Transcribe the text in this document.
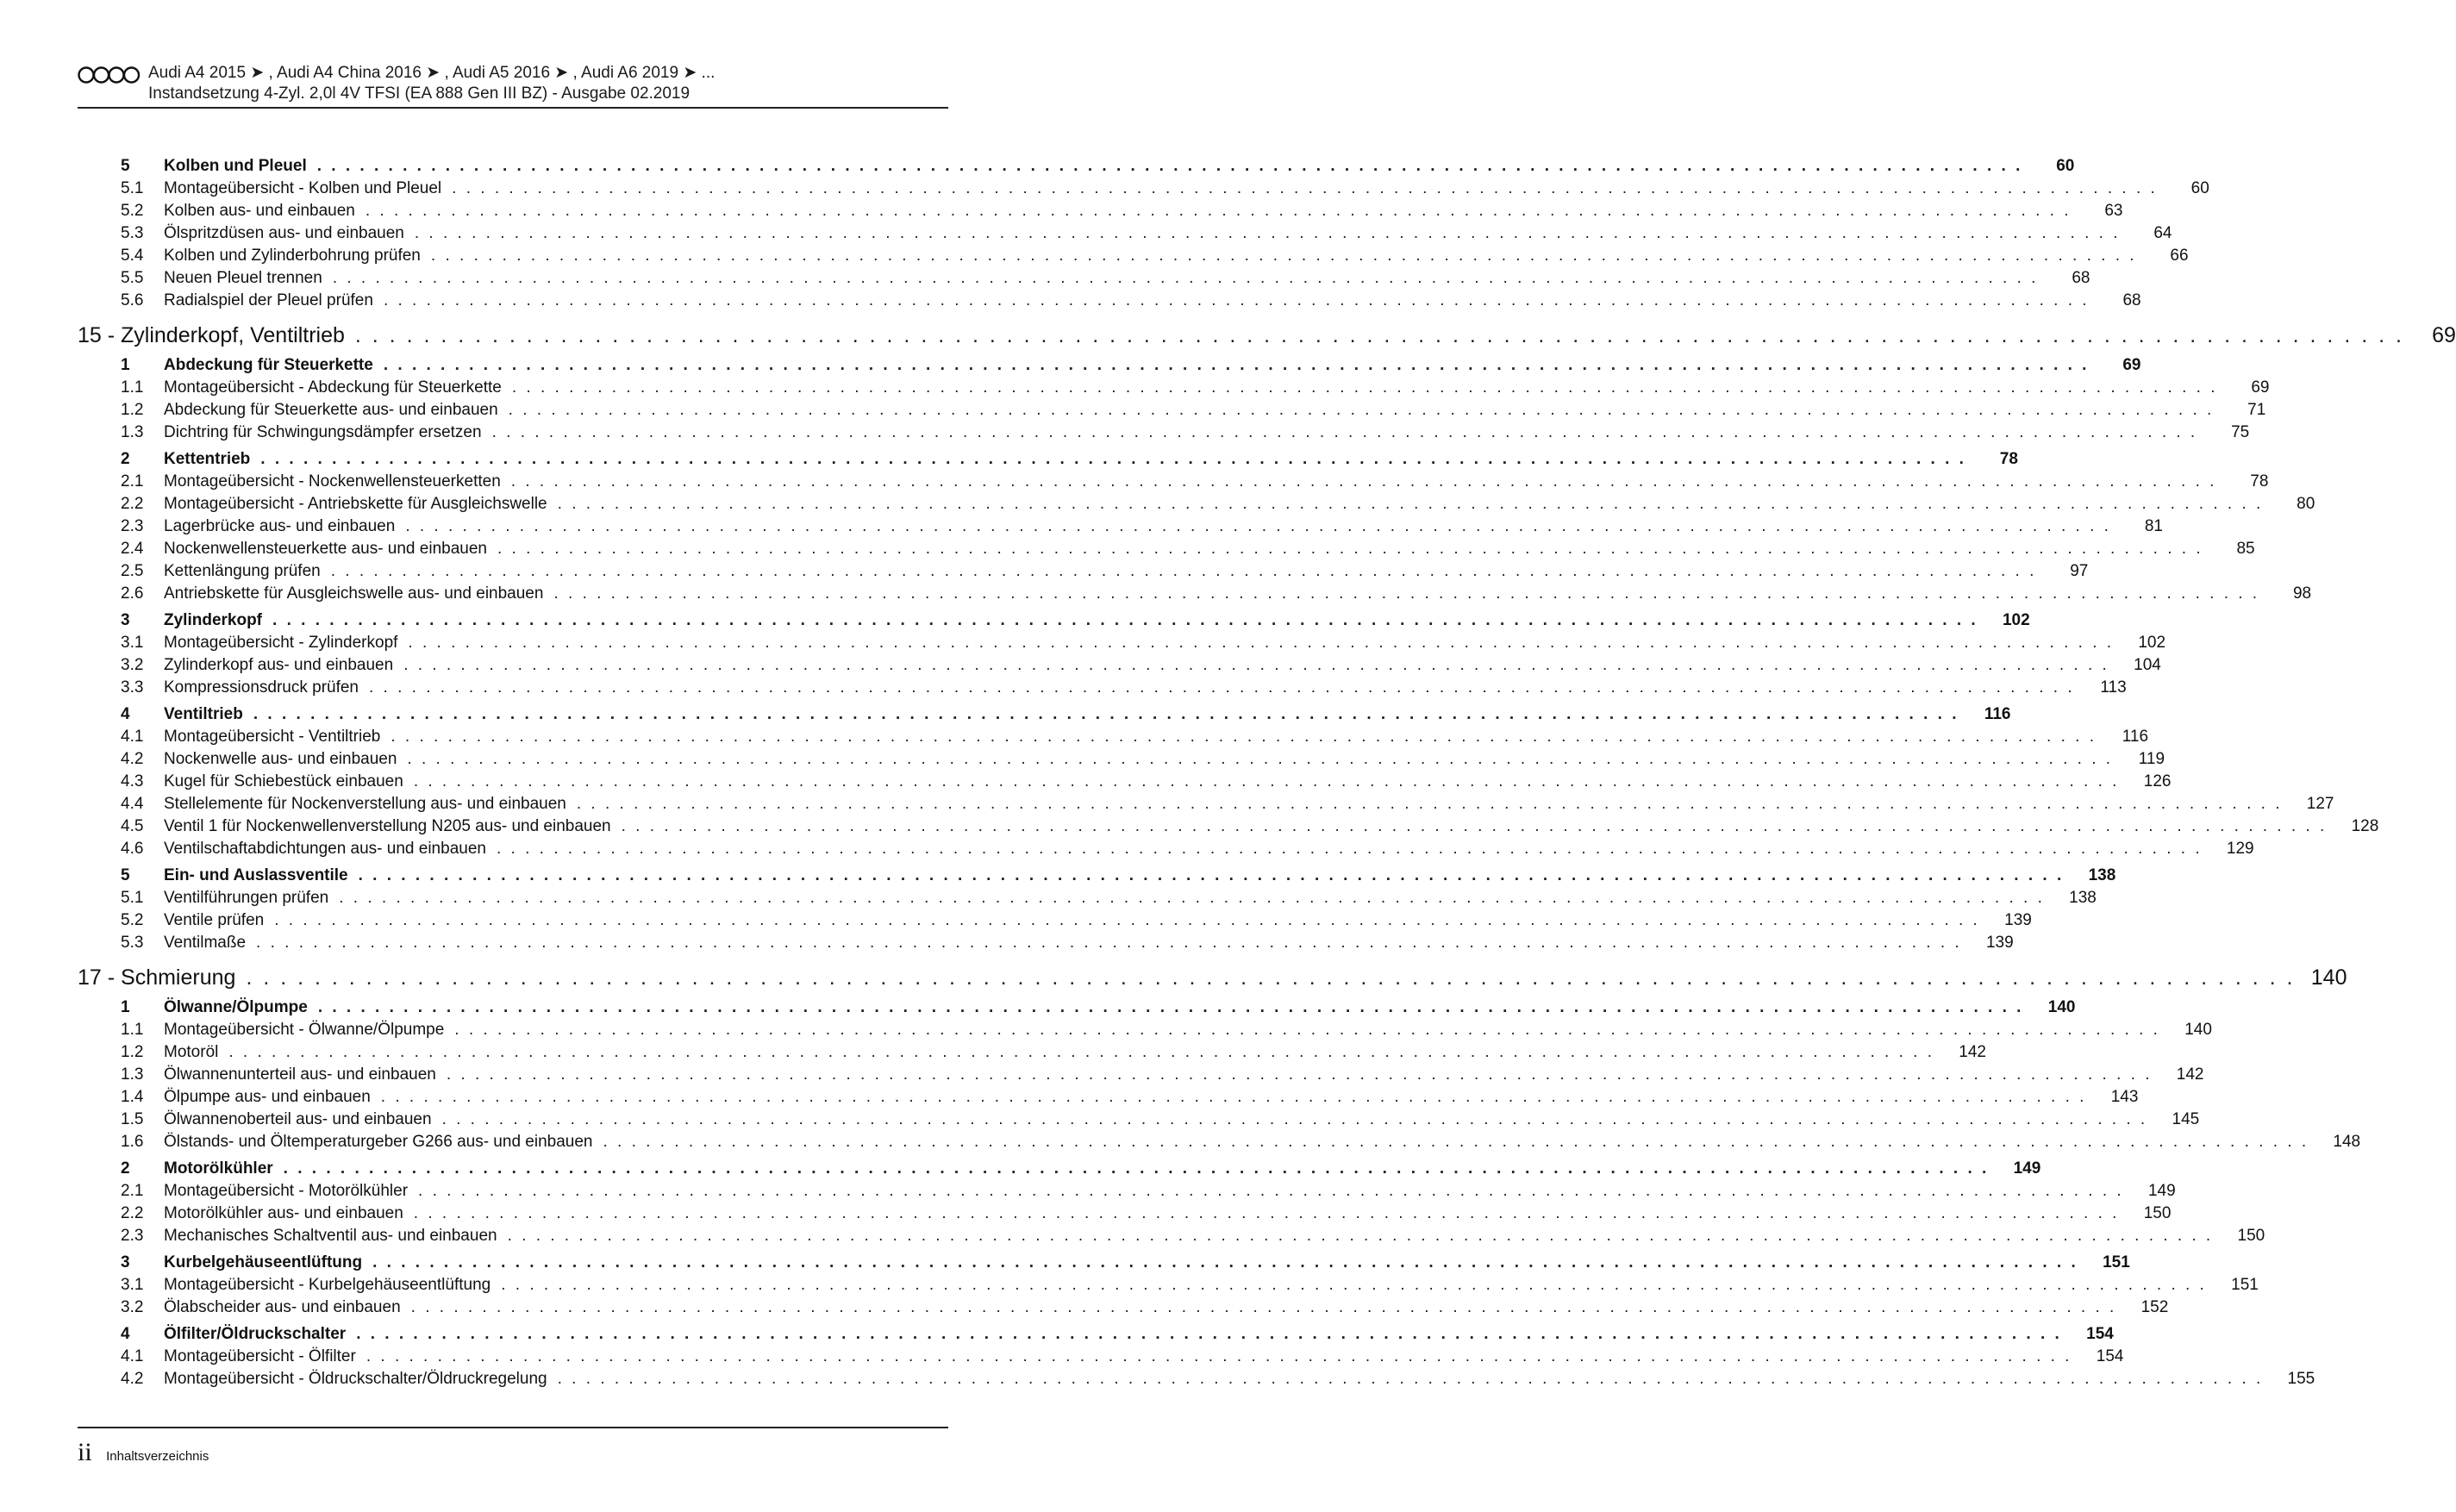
Audi A4 2015 ➤ , Audi A4 China 2016 ➤ , Audi A5 2016 ➤ , Audi A6 2019 ➤ ...
Instandsetzung 4-Zyl. 2,0l 4V TFSI (EA 888 Gen III BZ) - Ausgabe 02.2019
5	Kolben und Pleuel . . . . . . . . . . . . . . . . . . . . . . . . . . . . . . . . . . . . . . . . . . . . . . . . . . . . . . . . . . . . . . . . . . . . . . . . . . . . . . . . . . . . . . . . . . . . . . . . . . . . . . . . . . . . . . . . . . . . . . . .	60
5.1	Montageübersicht - Kolben und Pleuel . . . . . . . . . . . . . . . . . . . . . . . . . . . . . . . . . . . . . . . . . . . . . . . . . . . . . . . . . . . . . . . . . . . . . . . . . . . . . . . . . . . . . . . . . . . . . . . . . . . . . . . . . . . . . . . . . . . . . . . .	60
5.2	Kolben aus- und einbauen . . . . . . . . . . . . . . . . . . . . . . . . . . . . . . . . . . . . . . . . . . . . . . . . . . . . . . . . . . . . . . . . . . . . . . . . . . . . . . . . . . . . . . . . . . . . . . . . . . . . . . . . . . . . . . . . . . . . . . . .	63
5.3	Ölspritzdüsen aus- und einbauen . . . . . . . . . . . . . . . . . . . . . . . . . . . . . . . . . . . . . . . . . . . . . . . . . . . . . . . . . . . . . . . . . . . . . . . . . . . . . . . . . . . . . . . . . . . . . . . . . . . . . . . . . . . . . . . . . . . . . . . .	64
5.4	Kolben und Zylinderbohrung prüfen . . . . . . . . . . . . . . . . . . . . . . . . . . . . . . . . . . . . . . . . . . . . . . . . . . . . . . . . . . . . . . . . . . . . . . . . . . . . . . . . . . . . . . . . . . . . . . . . . . . . . . . . . . . . . . . . . . . . . . . .	66
5.5	Neuen Pleuel trennen . . . . . . . . . . . . . . . . . . . . . . . . . . . . . . . . . . . . . . . . . . . . . . . . . . . . . . . . . . . . . . . . . . . . . . . . . . . . . . . . . . . . . . . . . . . . . . . . . . . . . . . . . . . . . . . . . . . . . . . .	68
5.6	Radialspiel der Pleuel prüfen . . . . . . . . . . . . . . . . . . . . . . . . . . . . . . . . . . . . . . . . . . . . . . . . . . . . . . . . . . . . . . . . . . . . . . . . . . . . . . . . . . . . . . . . . . . . . . . . . . . . . . . . . . . . . . . . . . . . . . . .	68
15 - Zylinderkopf, Ventiltrieb . . . . . . . . . . . . . . . . . . . . . . . . . . . . . . . . . . . . . . . . . . . . . . . . . . . . . . . . . . . . . . . . . . . . . . . . . . . . . . . . . . . . . . . . . . . . . . . . . . . . . . . . . . . . . . . . . . . . . . . .	69
1	Abdeckung für Steuerkette . . . . . . . . . . . . . . . . . . . . . . . . . . . . . . . . . . . . . . . . . . . . . . . . . . . . . . . . . . . . . . . . . . . . . . . . . . . . . . . . . . . . . . . . . . . . . . . . . . . . . . . . . . . . . . . . . . . . . . . .	69
1.1	Montageübersicht - Abdeckung für Steuerkette . . . . . . . . . . . . . . . . . . . . . . . . . . . . . . . . . . . . . . . . . . . . . . . . . . . . . . . . . . . . . . . . . . . . . . . . . . . . . . . . . . . . . . . . . . . . . . . . . . . . . . . . . . . . . . . . . . . . . . . .	69
1.2	Abdeckung für Steuerkette aus- und einbauen . . . . . . . . . . . . . . . . . . . . . . . . . . . . . . . . . . . . . . . . . . . . . . . . . . . . . . . . . . . . . . . . . . . . . . . . . . . . . . . . . . . . . . . . . . . . . . . . . . . . . . . . . . . . . . . . . . . . . . . .	71
1.3	Dichtring für Schwingungsdämpfer ersetzen . . . . . . . . . . . . . . . . . . . . . . . . . . . . . . . . . . . . . . . . . . . . . . . . . . . . . . . . . . . . . . . . . . . . . . . . . . . . . . . . . . . . . . . . . . . . . . . . . . . . . . . . . . . . . . . . . . . . . . . .	75
2	Kettentrieb . . . . . . . . . . . . . . . . . . . . . . . . . . . . . . . . . . . . . . . . . . . . . . . . . . . . . . . . . . . . . . . . . . . . . . . . . . . . . . . . . . . . . . . . . . . . . . . . . . . . . . . . . . . . . . . . . . . . . . . .	78
2.1	Montageübersicht - Nockenwellensteuerketten . . . . . . . . . . . . . . . . . . . . . . . . . . . . . . . . . . . . . . . . . . . . . . . . . . . . . . . . . . . . . . . . . . . . . . . . . . . . . . . . . . . . . . . . . . . . . . . . . . . . . . . . . . . . . . . . . . . . . . . .	78
2.2	Montageübersicht - Antriebskette für Ausgleichswelle . . . . . . . . . . . . . . . . . . . . . . . . . . . . . . . . . . . . . . . . . . . . . . . . . . . . . . . . . . . . . . . . . . . . . . . . . . . . . . . . . . . . . . . . . . . . . . . . . . . . . . . . . . . . . . . . . . . . . . . .	80
2.3	Lagerbrücke aus- und einbauen . . . . . . . . . . . . . . . . . . . . . . . . . . . . . . . . . . . . . . . . . . . . . . . . . . . . . . . . . . . . . . . . . . . . . . . . . . . . . . . . . . . . . . . . . . . . . . . . . . . . . . . . . . . . . . . . . . . . . . . .	81
2.4	Nockenwellensteuerkette aus- und einbauen . . . . . . . . . . . . . . . . . . . . . . . . . . . . . . . . . . . . . . . . . . . . . . . . . . . . . . . . . . . . . . . . . . . . . . . . . . . . . . . . . . . . . . . . . . . . . . . . . . . . . . . . . . . . . . . . . . . . . . . .	85
2.5	Kettenlängung prüfen . . . . . . . . . . . . . . . . . . . . . . . . . . . . . . . . . . . . . . . . . . . . . . . . . . . . . . . . . . . . . . . . . . . . . . . . . . . . . . . . . . . . . . . . . . . . . . . . . . . . . . . . . . . . . . . . . . . . . . . .	97
2.6	Antriebskette für Ausgleichswelle aus- und einbauen . . . . . . . . . . . . . . . . . . . . . . . . . . . . . . . . . . . . . . . . . . . . . . . . . . . . . . . . . . . . . . . . . . . . . . . . . . . . . . . . . . . . . . . . . . . . . . . . . . . . . . . . . . . . . . . . . . . . . . . .	98
3	Zylinderkopf . . . . . . . . . . . . . . . . . . . . . . . . . . . . . . . . . . . . . . . . . . . . . . . . . . . . . . . . . . . . . . . . . . . . . . . . . . . . . . . . . . . . . . . . . . . . . . . . . . . . . . . . . . . . . . . . . . . . . . . .	102
3.1	Montageübersicht - Zylinderkopf . . . . . . . . . . . . . . . . . . . . . . . . . . . . . . . . . . . . . . . . . . . . . . . . . . . . . . . . . . . . . . . . . . . . . . . . . . . . . . . . . . . . . . . . . . . . . . . . . . . . . . . . . . . . . . . . . . . . . . . .	102
3.2	Zylinderkopf aus- und einbauen . . . . . . . . . . . . . . . . . . . . . . . . . . . . . . . . . . . . . . . . . . . . . . . . . . . . . . . . . . . . . . . . . . . . . . . . . . . . . . . . . . . . . . . . . . . . . . . . . . . . . . . . . . . . . . . . . . . . . . . .	104
3.3	Kompressionsdruck prüfen . . . . . . . . . . . . . . . . . . . . . . . . . . . . . . . . . . . . . . . . . . . . . . . . . . . . . . . . . . . . . . . . . . . . . . . . . . . . . . . . . . . . . . . . . . . . . . . . . . . . . . . . . . . . . . . . . . . . . . . .	113
4	Ventiltrieb . . . . . . . . . . . . . . . . . . . . . . . . . . . . . . . . . . . . . . . . . . . . . . . . . . . . . . . . . . . . . . . . . . . . . . . . . . . . . . . . . . . . . . . . . . . . . . . . . . . . . . . . . . . . . . . . . . . . . . . .	116
4.1	Montageübersicht - Ventiltrieb . . . . . . . . . . . . . . . . . . . . . . . . . . . . . . . . . . . . . . . . . . . . . . . . . . . . . . . . . . . . . . . . . . . . . . . . . . . . . . . . . . . . . . . . . . . . . . . . . . . . . . . . . . . . . . . . . . . . . . . .	116
4.2	Nockenwelle aus- und einbauen . . . . . . . . . . . . . . . . . . . . . . . . . . . . . . . . . . . . . . . . . . . . . . . . . . . . . . . . . . . . . . . . . . . . . . . . . . . . . . . . . . . . . . . . . . . . . . . . . . . . . . . . . . . . . . . . . . . . . . . .	119
4.3	Kugel für Schiebestück einbauen . . . . . . . . . . . . . . . . . . . . . . . . . . . . . . . . . . . . . . . . . . . . . . . . . . . . . . . . . . . . . . . . . . . . . . . . . . . . . . . . . . . . . . . . . . . . . . . . . . . . . . . . . . . . . . . . . . . . . . . .	126
4.4	Stellelemente für Nockenverstellung aus- und einbauen . . . . . . . . . . . . . . . . . . . . . . . . . . . . . . . . . . . . . . . . . . . . . . . . . . . . . . . . . . . . . . . . . . . . . . . . . . . . . . . . . . . . . . . . . . . . . . . . . . . . . . . . . . . . . . . . . . . . . . . .	127
4.5	Ventil 1 für Nockenwellenverstellung N205 aus- und einbauen . . . . . . . . . . . . . . . . . . . . . . . . . . . . . . . . . . . . . . . . . . . . . . . . . . . . . . . . . . . . . . . . . . . . . . . . . . . . . . . . . . . . . . . . . . . . . . . . . . . . . . . . . . . . . . . . . . . . . . . .	128
4.6	Ventilschaftabdichtungen aus- und einbauen . . . . . . . . . . . . . . . . . . . . . . . . . . . . . . . . . . . . . . . . . . . . . . . . . . . . . . . . . . . . . . . . . . . . . . . . . . . . . . . . . . . . . . . . . . . . . . . . . . . . . . . . . . . . . . . . . . . . . . . .	129
5	Ein- und Auslassventile . . . . . . . . . . . . . . . . . . . . . . . . . . . . . . . . . . . . . . . . . . . . . . . . . . . . . . . . . . . . . . . . . . . . . . . . . . . . . . . . . . . . . . . . . . . . . . . . . . . . . . . . . . . . . . . . . . . . . . . .	138
5.1	Ventilführungen prüfen . . . . . . . . . . . . . . . . . . . . . . . . . . . . . . . . . . . . . . . . . . . . . . . . . . . . . . . . . . . . . . . . . . . . . . . . . . . . . . . . . . . . . . . . . . . . . . . . . . . . . . . . . . . . . . . . . . . . . . . .	138
5.2	Ventile prüfen . . . . . . . . . . . . . . . . . . . . . . . . . . . . . . . . . . . . . . . . . . . . . . . . . . . . . . . . . . . . . . . . . . . . . . . . . . . . . . . . . . . . . . . . . . . . . . . . . . . . . . . . . . . . . . . . . . . . . . . .	139
5.3	Ventilmaße . . . . . . . . . . . . . . . . . . . . . . . . . . . . . . . . . . . . . . . . . . . . . . . . . . . . . . . . . . . . . . . . . . . . . . . . . . . . . . . . . . . . . . . . . . . . . . . . . . . . . . . . . . . . . . . . . . . . . . . .	139
17 - Schmierung . . . . . . . . . . . . . . . . . . . . . . . . . . . . . . . . . . . . . . . . . . . . . . . . . . . . . . . . . . . . . . . . . . . . . . . . . . . . . . . . . . . . . . . . . . . . . . . . . . . . . . . . . . . . . . . . . . . . . . . . 140
1	Ölwanne/Ölpumpe . . . . . . . . . . . . . . . . . . . . . . . . . . . . . . . . . . . . . . . . . . . . . . . . . . . . . . . . . . . . . . . . . . . . . . . . . . . . . . . . . . . . . . . . . . . . . . . . . . . . . . . . . . . . . . . . . . . . . . . .	140
1.1	Montageübersicht - Ölwanne/Ölpumpe . . . . . . . . . . . . . . . . . . . . . . . . . . . . . . . . . . . . . . . . . . . . . . . . . . . . . . . . . . . . . . . . . . . . . . . . . . . . . . . . . . . . . . . . . . . . . . . . . . . . . . . . . . . . . . . . . . . . . . . .	140
1.2	Motoröl . . . . . . . . . . . . . . . . . . . . . . . . . . . . . . . . . . . . . . . . . . . . . . . . . . . . . . . . . . . . . . . . . . . . . . . . . . . . . . . . . . . . . . . . . . . . . . . . . . . . . . . . . . . . . . . . . . . . . . . .	142
1.3	Ölwannenunterteil aus- und einbauen . . . . . . . . . . . . . . . . . . . . . . . . . . . . . . . . . . . . . . . . . . . . . . . . . . . . . . . . . . . . . . . . . . . . . . . . . . . . . . . . . . . . . . . . . . . . . . . . . . . . . . . . . . . . . . . . . . . . . . . .	142
1.4	Ölpumpe aus- und einbauen . . . . . . . . . . . . . . . . . . . . . . . . . . . . . . . . . . . . . . . . . . . . . . . . . . . . . . . . . . . . . . . . . . . . . . . . . . . . . . . . . . . . . . . . . . . . . . . . . . . . . . . . . . . . . . . . . . . . . . . .	143
1.5	Ölwannenoberteil aus- und einbauen . . . . . . . . . . . . . . . . . . . . . . . . . . . . . . . . . . . . . . . . . . . . . . . . . . . . . . . . . . . . . . . . . . . . . . . . . . . . . . . . . . . . . . . . . . . . . . . . . . . . . . . . . . . . . . . . . . . . . . . .	145
1.6	Ölstands- und Öltemperaturgeber G266 aus- und einbauen . . . . . . . . . . . . . . . . . . . . . . . . . . . . . . . . . . . . . . . . . . . . . . . . . . . . . . . . . . . . . . . . . . . . . . . . . . . . . . . . . . . . . . . . . . . . . . . . . . . . . . . . . . . . . . . . . . . . . . . .	148
2	Motorölkühler . . . . . . . . . . . . . . . . . . . . . . . . . . . . . . . . . . . . . . . . . . . . . . . . . . . . . . . . . . . . . . . . . . . . . . . . . . . . . . . . . . . . . . . . . . . . . . . . . . . . . . . . . . . . . . . . . . . . . . . .	149
2.1	Montageübersicht - Motorölkühler . . . . . . . . . . . . . . . . . . . . . . . . . . . . . . . . . . . . . . . . . . . . . . . . . . . . . . . . . . . . . . . . . . . . . . . . . . . . . . . . . . . . . . . . . . . . . . . . . . . . . . . . . . . . . . . . . . . . . . . .	149
2.2	Motorölkühler aus- und einbauen . . . . . . . . . . . . . . . . . . . . . . . . . . . . . . . . . . . . . . . . . . . . . . . . . . . . . . . . . . . . . . . . . . . . . . . . . . . . . . . . . . . . . . . . . . . . . . . . . . . . . . . . . . . . . . . . . . . . . . . .	150
2.3	Mechanisches Schaltventil aus- und einbauen . . . . . . . . . . . . . . . . . . . . . . . . . . . . . . . . . . . . . . . . . . . . . . . . . . . . . . . . . . . . . . . . . . . . . . . . . . . . . . . . . . . . . . . . . . . . . . . . . . . . . . . . . . . . . . . . . . . . . . . .	150
3	Kurbelgehäuseentlüftung . . . . . . . . . . . . . . . . . . . . . . . . . . . . . . . . . . . . . . . . . . . . . . . . . . . . . . . . . . . . . . . . . . . . . . . . . . . . . . . . . . . . . . . . . . . . . . . . . . . . . . . . . . . . . . . . . . . . . . . .	151
3.1	Montageübersicht - Kurbelgehäuseentlüftung . . . . . . . . . . . . . . . . . . . . . . . . . . . . . . . . . . . . . . . . . . . . . . . . . . . . . . . . . . . . . . . . . . . . . . . . . . . . . . . . . . . . . . . . . . . . . . . . . . . . . . . . . . . . . . . . . . . . . . . .	151
3.2	Ölabscheider aus- und einbauen . . . . . . . . . . . . . . . . . . . . . . . . . . . . . . . . . . . . . . . . . . . . . . . . . . . . . . . . . . . . . . . . . . . . . . . . . . . . . . . . . . . . . . . . . . . . . . . . . . . . . . . . . . . . . . . . . . . . . . . .	152
4	Ölfilter/Öldruckschalter . . . . . . . . . . . . . . . . . . . . . . . . . . . . . . . . . . . . . . . . . . . . . . . . . . . . . . . . . . . . . . . . . . . . . . . . . . . . . . . . . . . . . . . . . . . . . . . . . . . . . . . . . . . . . . . . . . . . . . . .	154
4.1	Montageübersicht - Ölfilter . . . . . . . . . . . . . . . . . . . . . . . . . . . . . . . . . . . . . . . . . . . . . . . . . . . . . . . . . . . . . . . . . . . . . . . . . . . . . . . . . . . . . . . . . . . . . . . . . . . . . . . . . . . . . . . . . . . . . . . .	154
4.2	Montageübersicht - Öldruckschalter/Öldruckregelung . . . . . . . . . . . . . . . . . . . . . . . . . . . . . . . . . . . . . . . . . . . . . . . . . . . . . . . . . . . . . . . . . . . . . . . . . . . . . . . . . . . . . . . . . . . . . . . . . . . . . . . . . . . . . . . . . . . . . . . .	155
ii Inhaltsverzeichnis
